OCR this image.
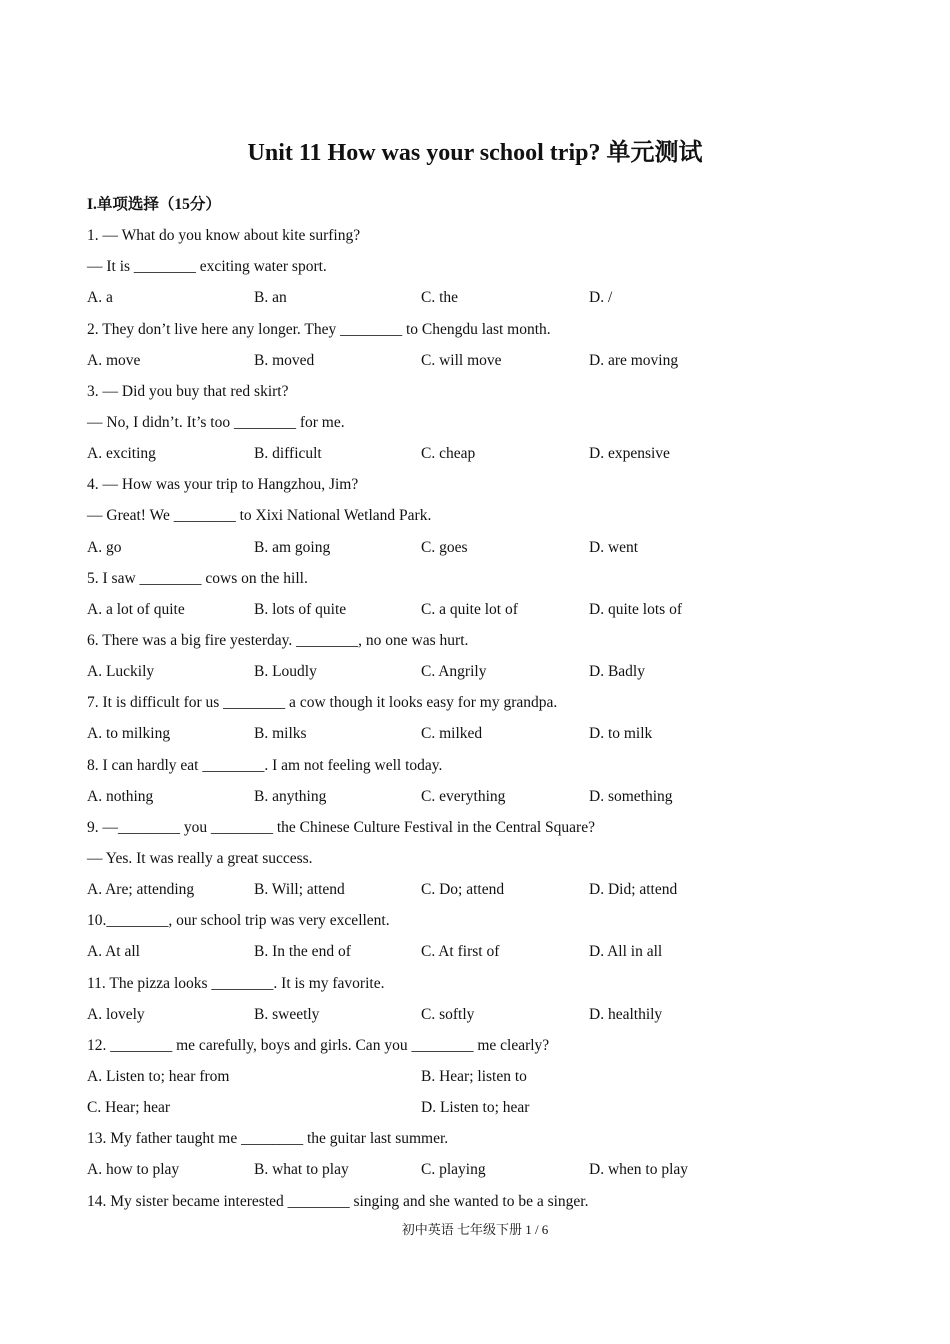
Unit 11 How was your school trip? 单元测试
I.单项选择（15分）
1. — What do you know about kite surfing?
— It is ________ exciting water sport.
A. a	B. an	C. the	D. /
2. They don’t live here any longer. They ________ to Chengdu last month.
A. move	B. moved	C. will move	D. are moving
3. — Did you buy that red skirt?
— No, I didn’t. It’s too ________ for me.
A. exciting	B. difficult	C. cheap	D. expensive
4. — How was your trip to Hangzhou, Jim?
— Great! We ________ to Xixi National Wetland Park.
A. go	B. am going	C. goes	D. went
5. I saw ________ cows on the hill.
A. a lot of quite	B. lots of quite	C. a quite lot of	D. quite lots of
6. There was a big fire yesterday. ________, no one was hurt.
A. Luckily	B. Loudly	C. Angrily	D. Badly
7. It is difficult for us ________ a cow though it looks easy for my grandpa.
A. to milking	B. milks	C. milked	D. to milk
8. I can hardly eat ________. I am not feeling well today.
A. nothing	B. anything	C. everything	D. something
9. —________ you ________ the Chinese Culture Festival in the Central Square?
— Yes. It was really a great success.
A. Are; attending	B. Will; attend	C. Do; attend	D. Did; attend
10.________, our school trip was very excellent.
A. At all	B. In the end of	C. At first of	D. All in all
11. The pizza looks ________. It is my favorite.
A. lovely	B. sweetly	C. softly	D. healthily
12. ________ me carefully, boys and girls. Can you ________ me clearly?
A. Listen to; hear from	B. Hear; listen to
C. Hear; hear	D. Listen to; hear
13. My father taught me ________ the guitar last summer.
A. how to play	B. what to play	C. playing	D. when to play
14. My sister became interested ________ singing and she wanted to be a singer.
初中英语 七年级下册 1 / 6
